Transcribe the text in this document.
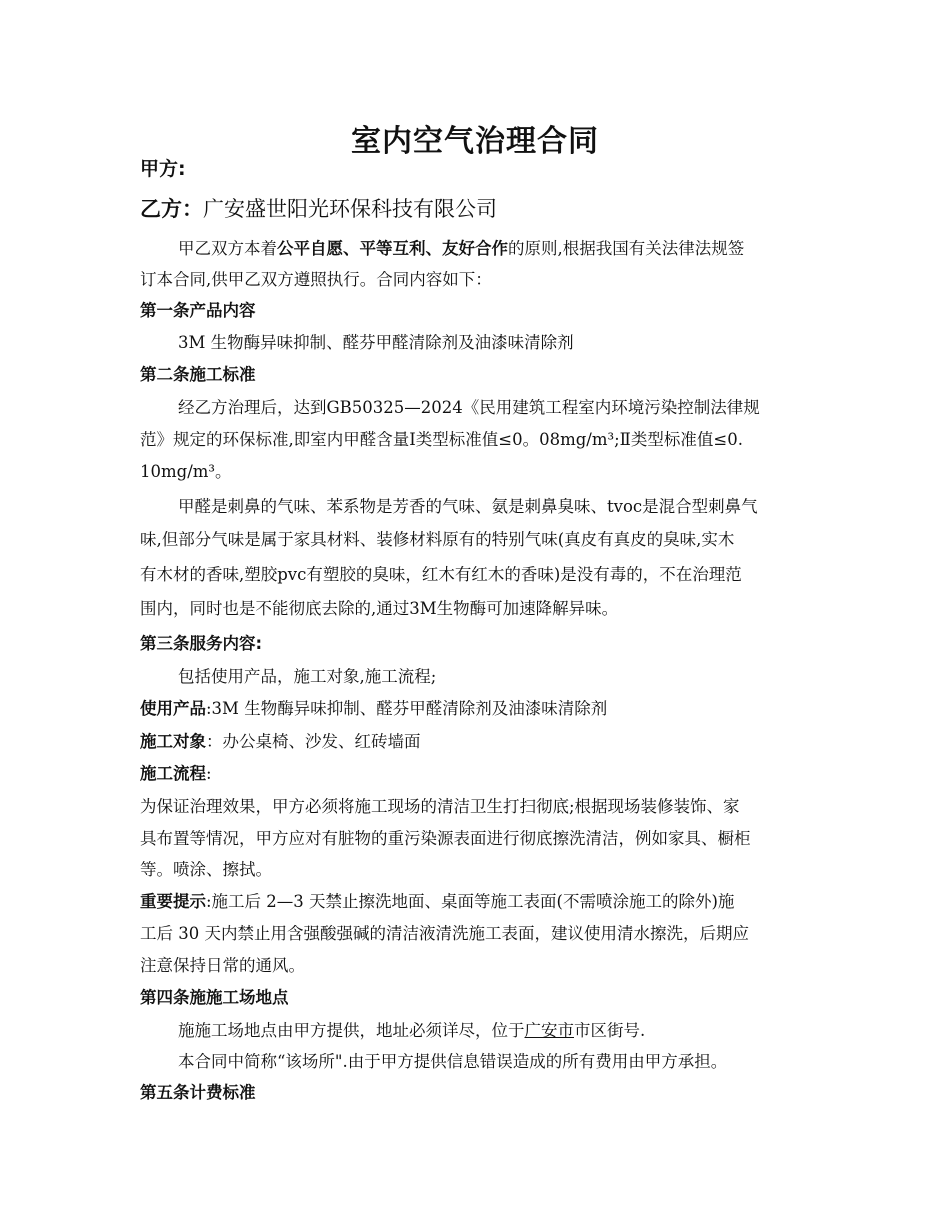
室内空气治理合同
甲方:
乙方：广安盛世阳光环保科技有限公司
甲乙双方本着公平自愿、平等互利、友好合作的原则,根据我国有关法律法规签
订本合同,供甲乙双方遵照执行。合同内容如下：
第一条产品内容
3M 生物酶异味抑制、醛芬甲醛清除剂及油漆味清除剂
第二条施工标准
经乙方治理后，达到GB50325—2024《民用建筑工程室内环境污染控制法律规
范》规定的环保标准,即室内甲醛含量Ⅰ类型标准值≤0。08mg/m³;Ⅱ类型标准值≤0.
10mg/m³。
甲醛是刺鼻的气味、苯系物是芳香的气味、氨是刺鼻臭味、tvoc是混合型刺鼻气
味,但部分气味是属于家具材料、装修材料原有的特别气味(真皮有真皮的臭味,实木
有木材的香味,塑胶pvc有塑胶的臭味，红木有红木的香味)是没有毒的，不在治理范
围内，同时也是不能彻底去除的,通过3M生物酶可加速降解异味。
第三条服务内容:
包括使用产品，施工对象,施工流程;
使用产品:3M 生物酶异味抑制、醛芬甲醛清除剂及油漆味清除剂
施工对象：办公桌椅、沙发、红砖墙面
施工流程:
为保证治理效果，甲方必须将施工现场的清洁卫生打扫彻底;根据现场装修装饰、家
具布置等情况，甲方应对有脏物的重污染源表面进行彻底擦洗清洁，例如家具、橱柜
等。喷涂、擦拭。
重要提示:施工后 2—3 天禁止擦洗地面、桌面等施工表面(不需喷涂施工的除外)施
工后 30 天内禁止用含强酸强碱的清洁液清洗施工表面，建议使用清水擦洗，后期应
注意保持日常的通风。
第四条施施工场地点
施施工场地点由甲方提供，地址必须详尽，位于广安市市区街号.
本合同中简称“该场所".由于甲方提供信息错误造成的所有费用由甲方承担。
第五条计费标准
